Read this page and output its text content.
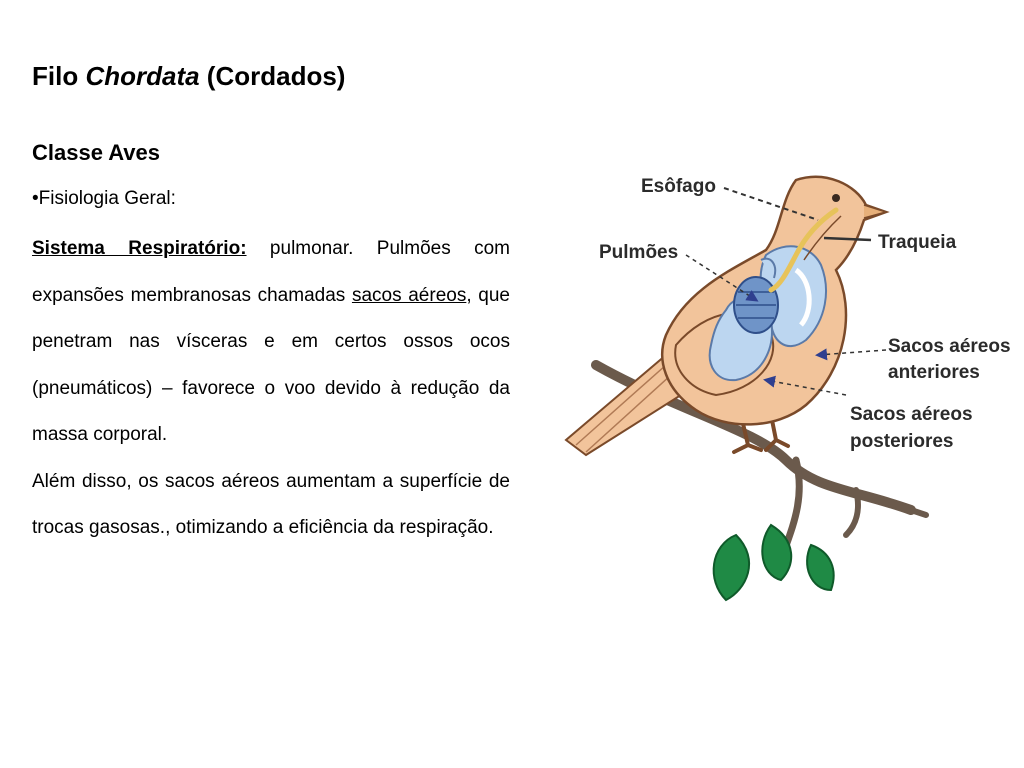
Filo Chordata (Cordados)
Classe Aves

•Fisiologia Geral:

Sistema Respiratório: pulmonar. Pulmões com expansões membranosas chamadas sacos aéreos, que penetram nas vísceras e em certos ossos ocos (pneumáticos) – favorece o voo devido à redução da massa corporal.

Além disso, os sacos aéreos aumentam a superfície de trocas gasosas., otimizando a eficiência da respiração.

Esôfago
Traqueia
Pulmões
Sacos aéreos
anteriores
Sacos aéreos
posteriores
